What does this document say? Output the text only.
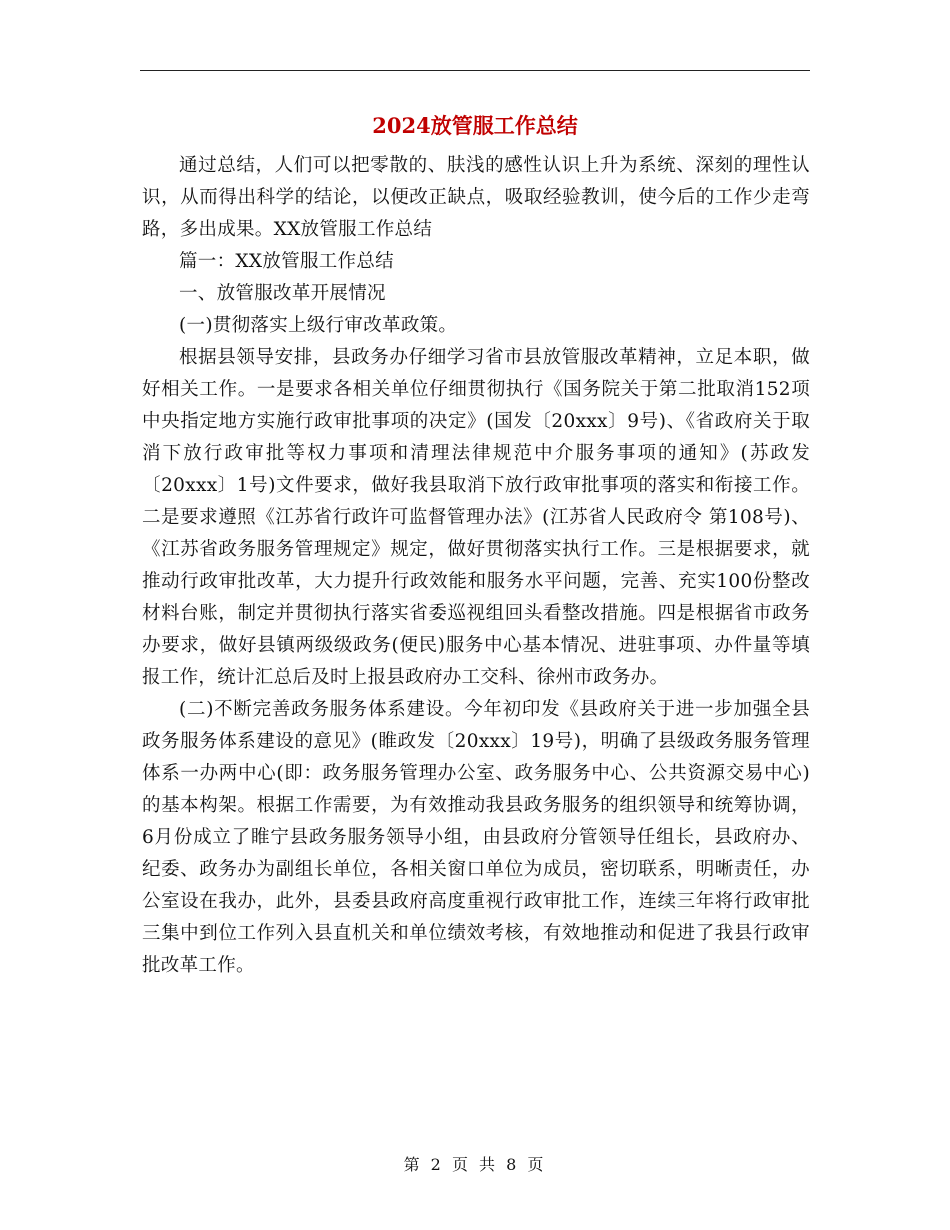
2024放管服工作总结

通过总结，人们可以把零散的、肤浅的感性认识上升为系统、深刻的理性认识，从而得出科学的结论，以便改正缺点，吸取经验教训，使今后的工作少走弯路，多出成果。XX放管服工作总结

篇一：XX放管服工作总结

一、放管服改革开展情况

(一)贯彻落实上级行审改革政策。

根据县领导安排，县政务办仔细学习省市县放管服改革精神，立足本职，做好相关工作。一是要求各相关单位仔细贯彻执行《国务院关于第二批取消152项中央指定地方实施行政审批事项的决定》(国发〔20xxx〕9号)、《省政府关于取消下放行政审批等权力事项和清理法律规范中介服务事项的通知》(苏政发〔20xxx〕1号)文件要求，做好我县取消下放行政审批事项的落实和衔接工作。二是要求遵照《江苏省行政许可监督管理办法》(江苏省人民政府令 第108号)、《江苏省政务服务管理规定》规定，做好贯彻落实执行工作。三是根据要求，就推动行政审批改革，大力提升行政效能和服务水平问题，完善、充实100份整改材料台账，制定并贯彻执行落实省委巡视组回头看整改措施。四是根据省市政务办要求，做好县镇两级级政务(便民)服务中心基本情况、进驻事项、办件量等填报工作，统计汇总后及时上报县政府办工交科、徐州市政务办。

(二)不断完善政务服务体系建设。今年初印发《县政府关于进一步加强全县政务服务体系建设的意见》(睢政发〔20xxx〕19号)，明确了县级政务服务管理体系一办两中心(即：政务服务管理办公室、政务服务中心、公共资源交易中心)的基本构架。根据工作需要，为有效推动我县政务服务的组织领导和统筹协调，6月份成立了睢宁县政务服务领导小组，由县政府分管领导任组长，县政府办、纪委、政务办为副组长单位，各相关窗口单位为成员，密切联系，明晰责任，办公室设在我办，此外，县委县政府高度重视行政审批工作，连续三年将行政审批三集中到位工作列入县直机关和单位绩效考核，有效地推动和促进了我县行政审批改革工作。

第 2 页 共 8 页
